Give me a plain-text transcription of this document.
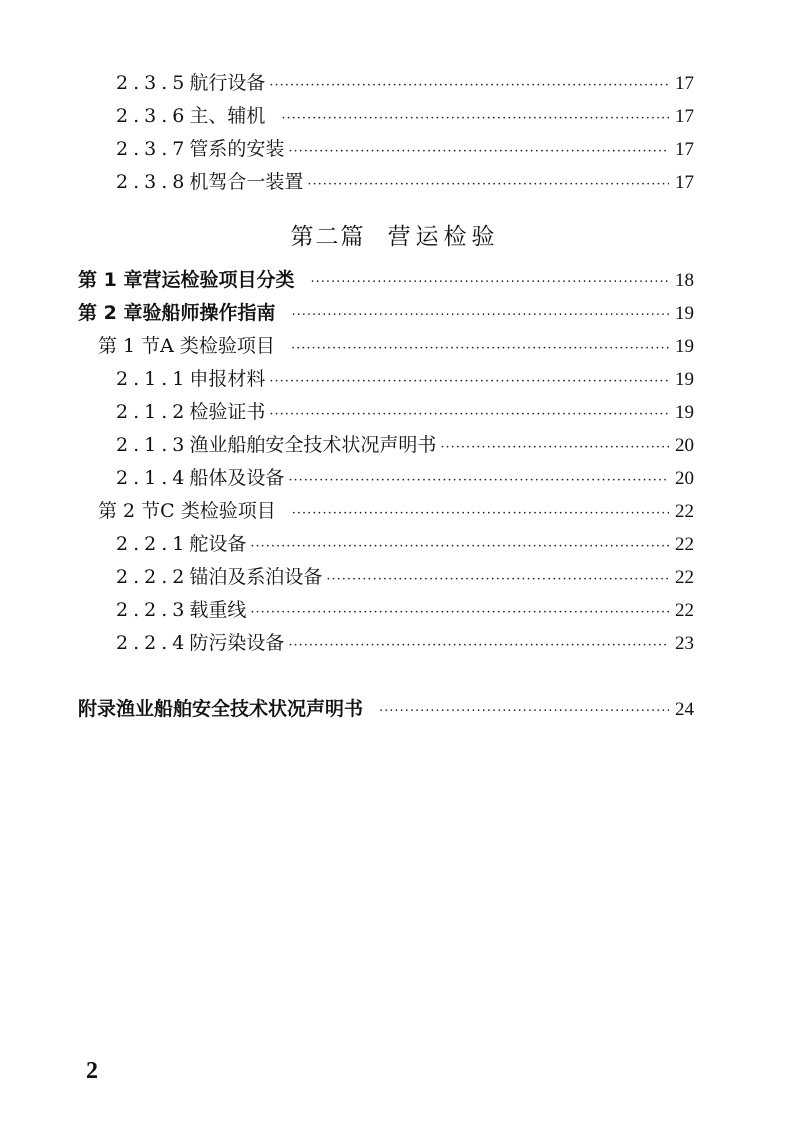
2.3.5 航行设备 ·····	17
2.3.6 主、辅机 ·····	17
2.3.7 管系的安装 ·····	17
2.3.8 机驾合一装置 ·····	17
第二篇 营运检验
第 1 章 营运检验项目分类 ·····	18
第 2 章 验船师操作指南 ·····	19
第 1 节 A 类检验项目 ·····	19
2.1.1 申报材料 ·····	19
2.1.2 检验证书 ·····	19
2.1.3 渔业船舶安全技术状况声明书 ·····	20
2.1.4 船体及设备 ·····	20
第 2 节 C 类检验项目 ·····	22
2.2.1 舵设备 ·····	22
2.2.2 锚泊及系泊设备 ·····	22
2.2.3 载重线 ·····	22
2.2.4 防污染设备 ·····	23
附录 渔业船舶安全技术状况声明书 ·····	24
2
